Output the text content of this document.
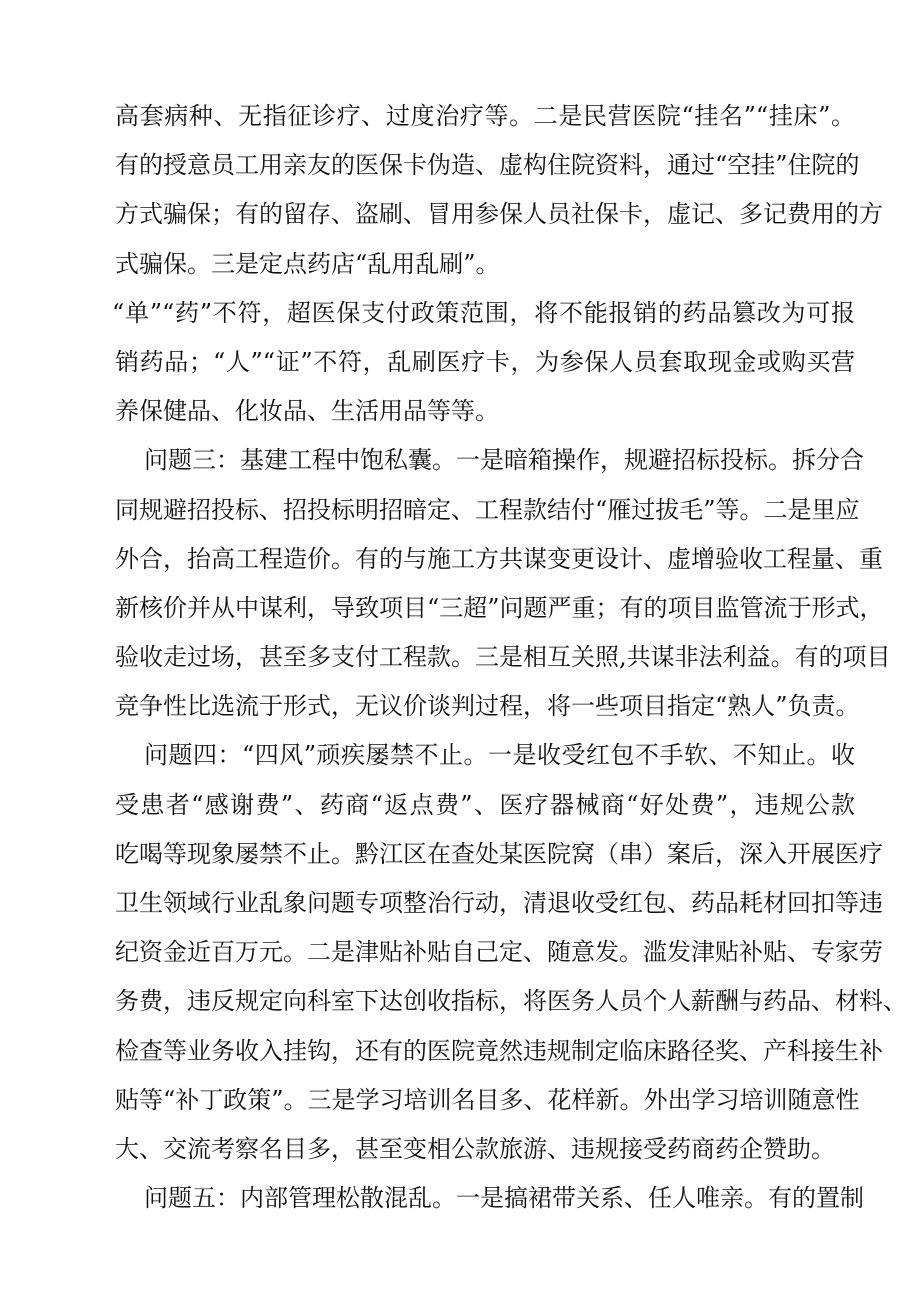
高套病种、无指征诊疗、过度治疗等。二是民营医院“挂名”“挂床”。
有的授意员工用亲友的医保卡伪造、虚构住院资料，通过“空挂”住院的
方式骗保；有的留存、盗刷、冒用参保人员社保卡，虚记、多记费用的方
式骗保。三是定点药店“乱用乱刷”。
“单”“药”不符，超医保支付政策范围，将不能报销的药品篡改为可报
销药品；“人”“证”不符，乱刷医疗卡，为参保人员套取现金或购买营
养保健品、化妆品、生活用品等等。
问题三：基建工程中饱私囊。一是暗箱操作，规避招标投标。拆分合
同规避招投标、招投标明招暗定、工程款结付“雁过拔毛”等。二是里应
外合，抬高工程造价。有的与施工方共谋变更设计、虚增验收工程量、重
新核价并从中谋利，导致项目“三超”问题严重；有的项目监管流于形式，
验收走过场，甚至多支付工程款。三是相互关照,共谋非法利益。有的项目
竞争性比选流于形式，无议价谈判过程，将一些项目指定“熟人”负责。
问题四：“四风”顽疾屡禁不止。一是收受红包不手软、不知止。收
受患者“感谢费”、药商“返点费”、医疗器械商“好处费”，违规公款
吃喝等现象屡禁不止。黔江区在查处某医院窝（串）案后，深入开展医疗
卫生领域行业乱象问题专项整治行动，清退收受红包、药品耗材回扣等违
纪资金近百万元。二是津贴补贴自己定、随意发。滥发津贴补贴、专家劳
务费，违反规定向科室下达创收指标，将医务人员个人薪酬与药品、材料、
检查等业务收入挂钩，还有的医院竟然违规制定临床路径奖、产科接生补
贴等“补丁政策”。三是学习培训名目多、花样新。外出学习培训随意性
大、交流考察名目多，甚至变相公款旅游、违规接受药商药企赞助。
问题五：内部管理松散混乱。一是搞裙带关系、任人唯亲。有的置制
